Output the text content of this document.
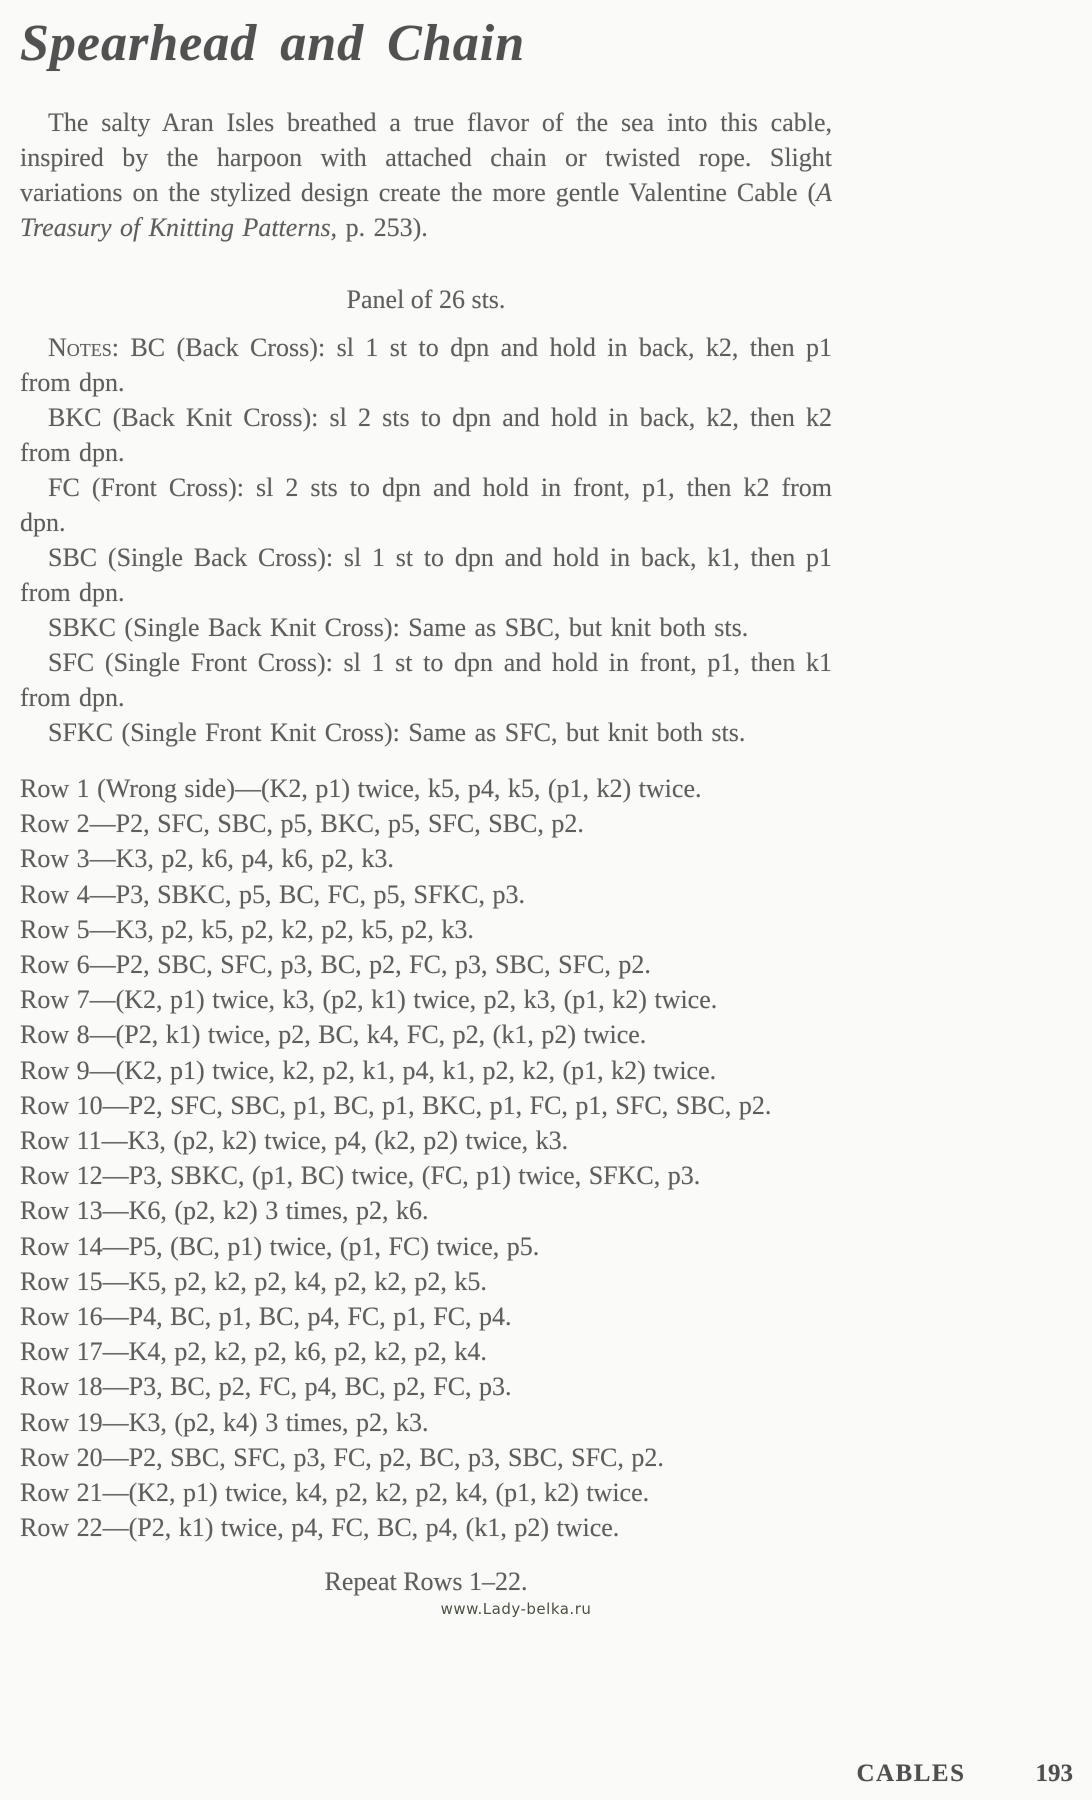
Spearhead and Chain

The salty Aran Isles breathed a true flavor of the sea into this cable, inspired by the harpoon with attached chain or twisted rope. Slight variations on the stylized design create the more gentle Valentine Cable (A Treasury of Knitting Patterns, p. 253).

Panel of 26 sts.

Notes: BC (Back Cross): sl 1 st to dpn and hold in back, k2, then p1 from dpn.

BKC (Back Knit Cross): sl 2 sts to dpn and hold in back, k2, then k2 from dpn.

FC (Front Cross): sl 2 sts to dpn and hold in front, p1, then k2 from dpn.

SBC (Single Back Cross): sl 1 st to dpn and hold in back, k1, then p1 from dpn.

SBKC (Single Back Knit Cross): Same as SBC, but knit both sts.

SFC (Single Front Cross): sl 1 st to dpn and hold in front, p1, then k1 from dpn.

SFKC (Single Front Knit Cross): Same as SFC, but knit both sts.

Row 1 (Wrong side)—(K2, p1) twice, k5, p4, k5, (p1, k2) twice.

Row 2—P2, SFC, SBC, p5, BKC, p5, SFC, SBC, p2.

Row 3—K3, p2, k6, p4, k6, p2, k3.

Row 4—P3, SBKC, p5, BC, FC, p5, SFKC, p3.

Row 5—K3, p2, k5, p2, k2, p2, k5, p2, k3.

Row 6—P2, SBC, SFC, p3, BC, p2, FC, p3, SBC, SFC, p2.

Row 7—(K2, p1) twice, k3, (p2, k1) twice, p2, k3, (p1, k2) twice.

Row 8—(P2, k1) twice, p2, BC, k4, FC, p2, (k1, p2) twice.

Row 9—(K2, p1) twice, k2, p2, k1, p4, k1, p2, k2, (p1, k2) twice.

Row 10—P2, SFC, SBC, p1, BC, p1, BKC, p1, FC, p1, SFC, SBC, p2.

Row 11—K3, (p2, k2) twice, p4, (k2, p2) twice, k3.

Row 12—P3, SBKC, (p1, BC) twice, (FC, p1) twice, SFKC, p3.

Row 13—K6, (p2, k2) 3 times, p2, k6.

Row 14—P5, (BC, p1) twice, (p1, FC) twice, p5.

Row 15—K5, p2, k2, p2, k4, p2, k2, p2, k5.

Row 16—P4, BC, p1, BC, p4, FC, p1, FC, p4.

Row 17—K4, p2, k2, p2, k6, p2, k2, p2, k4.

Row 18—P3, BC, p2, FC, p4, BC, p2, FC, p3.

Row 19—K3, (p2, k4) 3 times, p2, k3.

Row 20—P2, SBC, SFC, p3, FC, p2, BC, p3, SBC, SFC, p2.

Row 21—(K2, p1) twice, k4, p2, k2, p2, k4, (p1, k2) twice.

Row 22—(P2, k1) twice, p4, FC, BC, p4, (k1, p2) twice.

Repeat Rows 1–22.

www.Lady-belka.ru
CABLES	193
